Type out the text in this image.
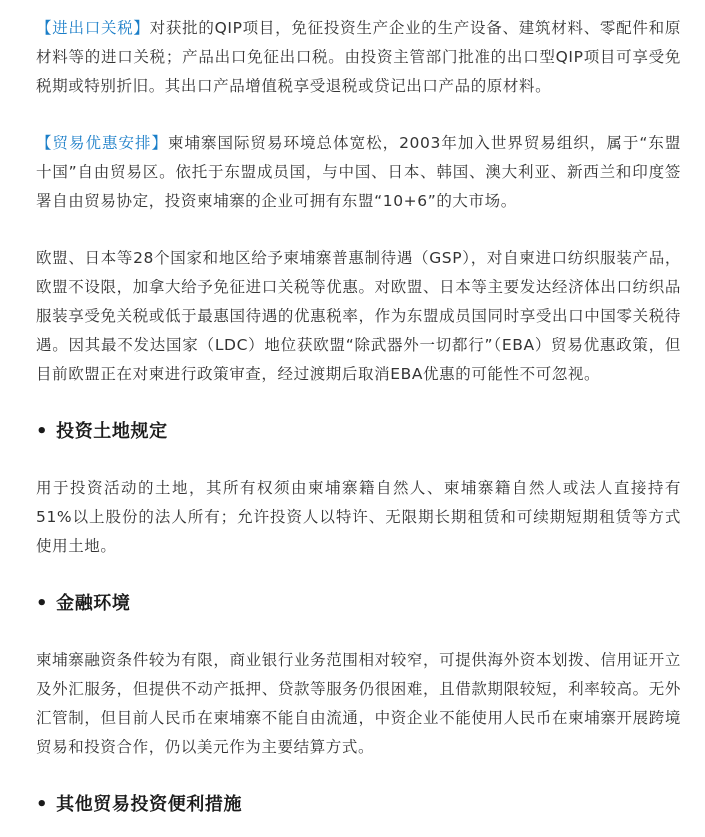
【进出口关税】对获批的QIP项目，免征投资生产企业的生产设备、建筑材料、零配件和原材料等的进口关税；产品出口免征出口税。由投资主管部门批准的出口型QIP项目可享受免税期或特别折旧。其出口产品增值税享受退税或贷记出口产品的原材料。

【贸易优惠安排】柬埔寨国际贸易环境总体宽松，2003年加入世界贸易组织，属于“东盟十国”自由贸易区。依托于东盟成员国，与中国、日本、韩国、澳大利亚、新西兰和印度签署自由贸易协定，投资柬埔寨的企业可拥有东盟“10+6”的大市场。

欧盟、日本等28个国家和地区给予柬埔寨普惠制待遇（GSP），对自柬进口纺织服装产品，欧盟不设限，加拿大给予免征进口关税等优惠。对欧盟、日本等主要发达经济体出口纺织品服装享受免关税或低于最惠国待遇的优惠税率，作为东盟成员国同时享受出口中国零关税待遇。因其最不发达国家（LDC）地位获欧盟“除武器外一切都行”（EBA）贸易优惠政策，但目前欧盟正在对柬进行政策审查，经过渡期后取消EBA优惠的可能性不可忽视。

• 投资土地规定

用于投资活动的土地，其所有权须由柬埔寨籍自然人、柬埔寨籍自然人或法人直接持有51%以上股份的法人所有；允许投资人以特许、无限期长期租赁和可续期短期租赁等方式使用土地。

• 金融环境

柬埔寨融资条件较为有限，商业银行业务范围相对较窄，可提供海外资本划拨、信用证开立及外汇服务，但提供不动产抵押、贷款等服务仍很困难，且借款期限较短，利率较高。无外汇管制，但目前人民币在柬埔寨不能自由流通，中资企业不能使用人民币在柬埔寨开展跨境贸易和投资合作，仍以美元作为主要结算方式。

• 其他贸易投资便利措施
